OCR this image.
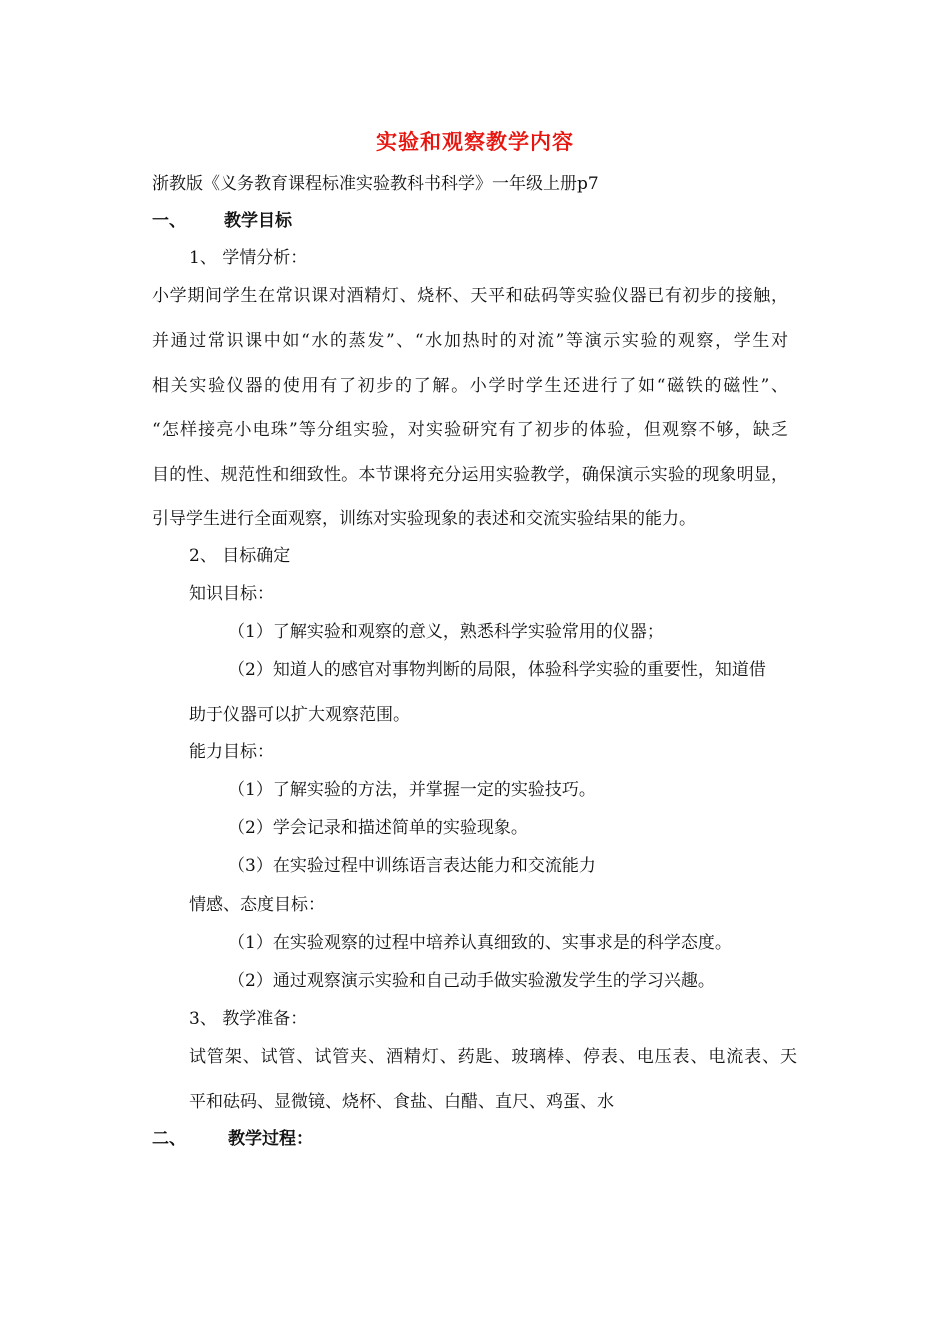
实验和观察教学内容
浙教版《义务教育课程标准实验教科书科学》一年级上册p7
一、 教学目标
1、 学情分析：
小学期间学生在常识课对酒精灯、烧杯、天平和砝码等实验仪器已有初步的接触，
并通过常识课中如“水的蒸发”、“水加热时的对流”等演示实验的观察，学生对
相关实验仪器的使用有了初步的了解。小学时学生还进行了如“磁铁的磁性”、
“怎样接亮小电珠”等分组实验，对实验研究有了初步的体验，但观察不够，缺乏
目的性、规范性和细致性。本节课将充分运用实验教学，确保演示实验的现象明显，
引导学生进行全面观察，训练对实验现象的表述和交流实验结果的能力。
2、 目标确定
知识目标：
（1）了解实验和观察的意义，熟悉科学实验常用的仪器；
（2）知道人的感官对事物判断的局限，体验科学实验的重要性，知道借
助于仪器可以扩大观察范围。
能力目标：
（1）了解实验的方法，并掌握一定的实验技巧。
（2）学会记录和描述简单的实验现象。
（3）在实验过程中训练语言表达能力和交流能力
情感、态度目标：
（1）在实验观察的过程中培养认真细致的、实事求是的科学态度。
（2）通过观察演示实验和自己动手做实验激发学生的学习兴趣。
3、 教学准备：
试管架、试管、试管夹、酒精灯、药匙、玻璃棒、停表、电压表、电流表、天
平和砝码、显微镜、烧杯、食盐、白醋、直尺、鸡蛋、水
二、 教学过程：
